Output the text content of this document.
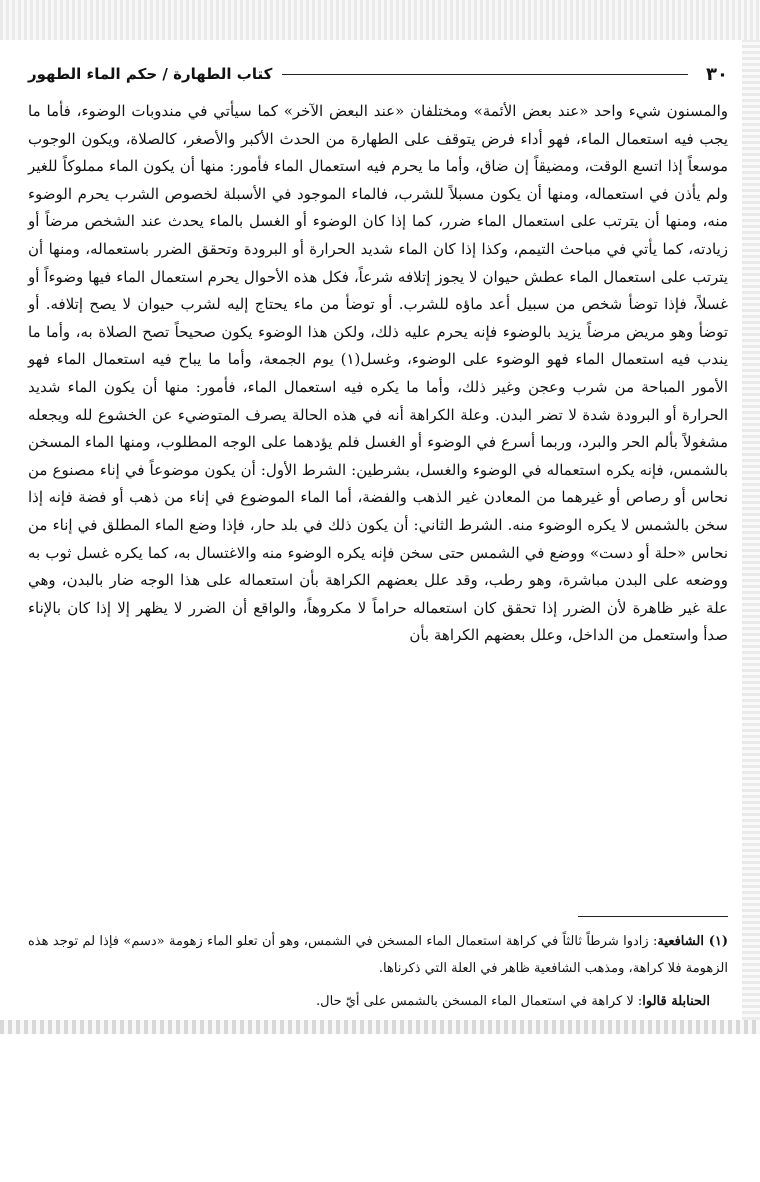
٣٠
كتاب الطهارة / حكم الماء الطهور

والمسنون شيء واحد «عند بعض الأئمة» ومختلفان «عند البعض الآخر» كما سيأتي في مندوبات الوضوء، فأما ما يجب فيه استعمال الماء، فهو أداء فرض يتوقف على الطهارة من الحدث الأكبر والأصغر، كالصلاة، ويكون الوجوب موسعاً إذا اتسع الوقت، ومضيقاً إن ضاق، وأما ما يحرم فيه استعمال الماء فأمور: منها أن يكون الماء مملوكاً للغير ولم يأذن في استعماله، ومنها أن يكون مسبلاً للشرب، فالماء الموجود في الأسبلة لخصوص الشرب يحرم الوضوء منه، ومنها أن يترتب على استعمال الماء ضرر، كما إذا كان الوضوء أو الغسل بالماء يحدث عند الشخص مرضاً أو زيادته، كما يأتي في مباحث التيمم، وكذا إذا كان الماء شديد الحرارة أو البرودة وتحقق الضرر باستعماله، ومنها أن يترتب على استعمال الماء عطش حيوان لا يجوز إتلافه شرعاً، فكل هذه الأحوال يحرم استعمال الماء فيها وضوءاً أو غسلاً، فإذا توضأ شخص من سبيل أعد ماؤه للشرب. أو توضأ من ماء يحتاج إليه لشرب حيوان لا يصح إتلافه. أو توضأ وهو مريض مرضاً يزيد بالوضوء فإنه يحرم عليه ذلك، ولكن هذا الوضوء يكون صحيحاً تصح الصلاة به، وأما ما يندب فيه استعمال الماء فهو الوضوء على الوضوء، وغسل(١) يوم الجمعة، وأما ما يباح فيه استعمال الماء فهو الأمور المباحة من شرب وعجن وغير ذلك، وأما ما يكره فيه استعمال الماء، فأمور: منها أن يكون الماء شديد الحرارة أو البرودة شدة لا تضر البدن. وعلة الكراهة أنه في هذه الحالة يصرف المتوضيء عن الخشوع لله ويجعله مشغولاً بألم الحر والبرد، وربما أسرع في الوضوء أو الغسل فلم يؤدهما على الوجه المطلوب، ومنها الماء المسخن بالشمس، فإنه يكره استعماله في الوضوء والغسل، بشرطين: الشرط الأول: أن يكون موضوعاً في إناء مصنوع من نحاس أو رصاص أو غيرهما من المعادن غير الذهب والفضة، أما الماء الموضوع في إناء من ذهب أو فضة فإنه إذا سخن بالشمس لا يكره الوضوء منه. الشرط الثاني: أن يكون ذلك في بلد حار، فإذا وضع الماء المطلق في إناء من نحاس «حلة أو دست» ووضع في الشمس حتى سخن فإنه يكره الوضوء منه والاغتسال به، كما يكره غسل ثوب به ووضعه على البدن مباشرة، وهو رطب، وقد علل بعضهم الكراهة بأن استعماله على هذا الوجه ضار بالبدن، وهي علة غير ظاهرة لأن الضرر إذا تحقق كان استعماله حراماً لا مكروهاً، والواقع أن الضرر لا يظهر إلا إذا كان بالإناء صدأ واستعمل من الداخل، وعلل بعضهم الكراهة بأن

(١) الشافعية: زادوا شرطاً ثالثاً في كراهة استعمال الماء المسخن في الشمس، وهو أن تعلو الماء زهومة «دسم» فإذا لم توجد هذه الزهومة فلا كراهة، ومذهب الشافعية ظاهر في العلة التي ذكرناها.

الحنابلة قالوا: لا كراهة في استعمال الماء المسخن بالشمس على أيّ حال.
